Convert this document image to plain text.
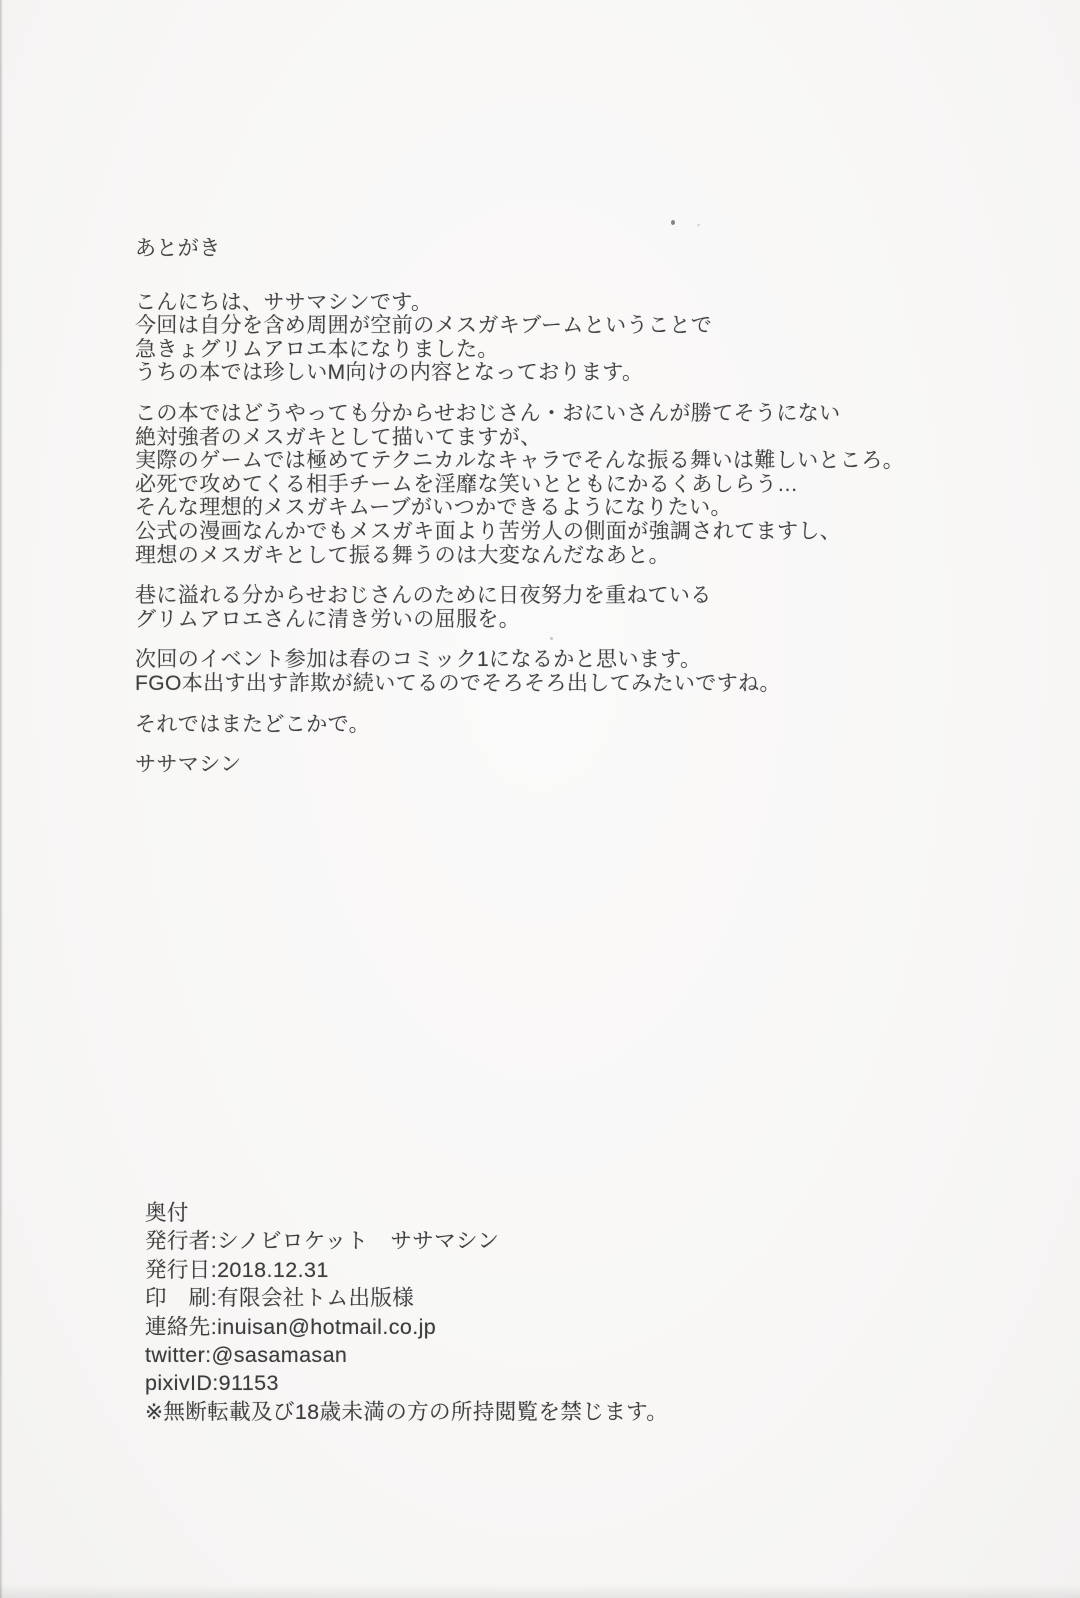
あとがき
こんにちは、ササマシンです。
今回は自分を含め周囲が空前のメスガキブームということで
急きょグリムアロエ本になりました。
うちの本では珍しいM向けの内容となっております。
この本ではどうやっても分からせおじさん・おにいさんが勝てそうにない
絶対強者のメスガキとして描いてますが、
実際のゲームでは極めてテクニカルなキャラでそんな振る舞いは難しいところ。
必死で攻めてくる相手チームを淫靡な笑いとともにかるくあしらう…
そんな理想的メスガキムーブがいつかできるようになりたい。
公式の漫画なんかでもメスガキ面より苦労人の側面が強調されてますし、
理想のメスガキとして振る舞うのは大変なんだなあと。
巷に溢れる分からせおじさんのために日夜努力を重ねている
グリムアロエさんに清き労いの屈服を。
次回のイベント参加は春のコミック1になるかと思います。
FGO本出す出す詐欺が続いてるのでそろそろ出してみたいですね。
それではまたどこかで。
ササマシン
奥付
発行者:シノビロケット　ササマシン
発行日:2018.12.31
印　刷:有限会社トム出版様
連絡先:inuisan@hotmail.co.jp
twitter:@sasamasan
pixivID:91153
※無断転載及び18歳未満の方の所持閲覧を禁じます。
